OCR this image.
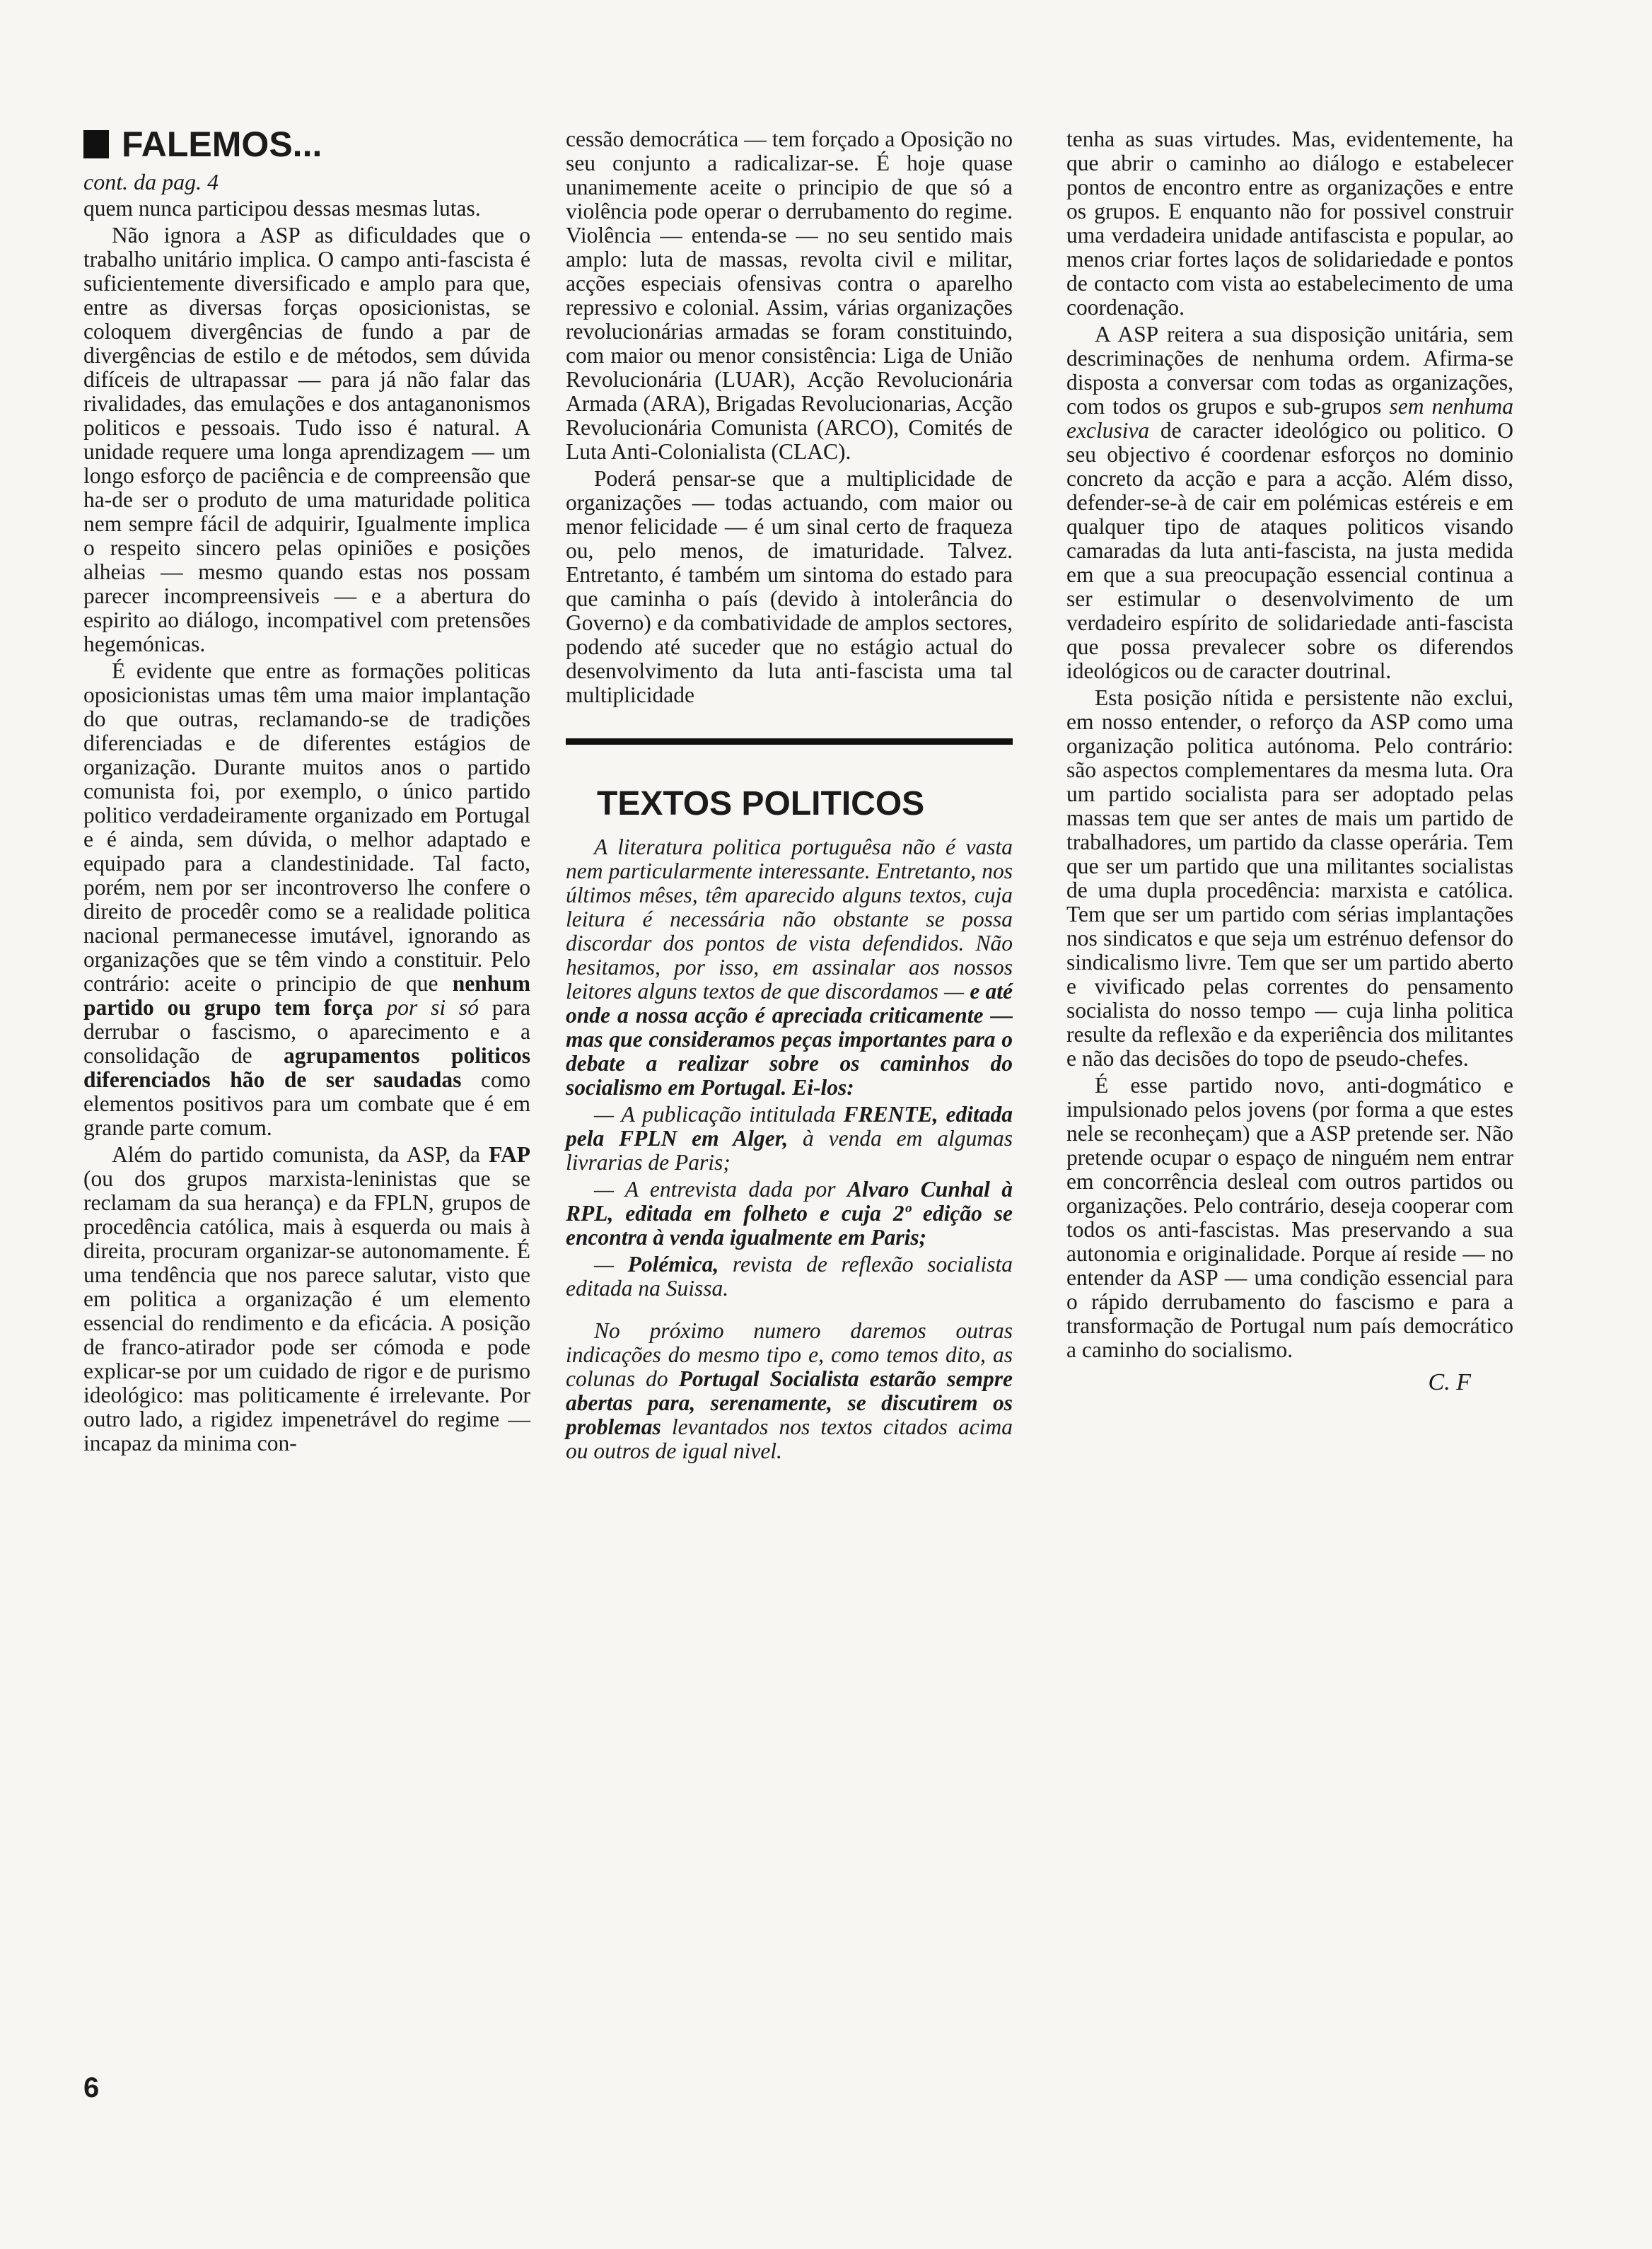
FALEMOS...

cont. da pag. 4

quem nunca participou dessas mesmas lutas.

Não ignora a ASP as dificuldades que o trabalho unitário implica. O campo anti-fascista é suficientemente diversificado e amplo para que, entre as diversas forças oposicionistas, se coloquem divergências de fundo a par de divergências de estilo e de métodos, sem dúvida difíceis de ultrapassar — para já não falar das rivalidades, das emulações e dos antaganonismos politicos e pessoais. Tudo isso é natural. A unidade requere uma longa aprendizagem — um longo esforço de paciência e de compreensão que ha-de ser o produto de uma maturidade politica nem sempre fácil de adquirir, Igualmente implica o respeito sincero pelas opiniões e posições alheias — mesmo quando estas nos possam parecer incompreensiveis — e a abertura do espirito ao diálogo, incompativel com pretensões hegemónicas.

É evidente que entre as formações politicas oposicionistas umas têm uma maior implantação do que outras, reclamando-se de tradições diferenciadas e de diferentes estágios de organização. Durante muitos anos o partido comunista foi, por exemplo, o único partido politico verdadeiramente organizado em Portugal e é ainda, sem dúvida, o melhor adaptado e equipado para a clandestinidade. Tal facto, porém, nem por ser incontroverso lhe confere o direito de procedêr como se a realidade politica nacional permanecesse imutável, ignorando as organizações que se têm vindo a constituir. Pelo contrário: aceite o principio de que nenhum partido ou grupo tem força por si só para derrubar o fascismo, o aparecimento e a consolidação de agrupamentos politicos diferenciados hão de ser saudadas como elementos positivos para um combate que é em grande parte comum.

Além do partido comunista, da ASP, da FAP (ou dos grupos marxista-leninistas que se reclamam da sua herança) e da FPLN, grupos de procedência católica, mais à esquerda ou mais à direita, procuram organizar-se autonomamente. É uma tendência que nos parece salutar, visto que em politica a organização é um elemento essencial do rendimento e da eficácia. A posição de franco-atirador pode ser cómoda e pode explicar-se por um cuidado de rigor e de purismo ideológico: mas politicamente é irrelevante. Por outro lado, a rigidez impenetrável do regime — incapaz da minima con-

cessão democrática — tem forçado a Oposição no seu conjunto a radicalizar-se. É hoje quase unanimemente aceite o principio de que só a violência pode operar o derrubamento do regime. Violência — entenda-se — no seu sentido mais amplo: luta de massas, revolta civil e militar, acções especiais ofensivas contra o aparelho repressivo e colonial. Assim, várias organizações revolucionárias armadas se foram constituindo, com maior ou menor consistência: Liga de União Revolucionária (LUAR), Acção Revolucionária Armada (ARA), Brigadas Revolucionarias, Acção Revolucionária Comunista (ARCO), Comités de Luta Anti-Colonialista (CLAC).

Poderá pensar-se que a multiplicidade de organizações — todas actuando, com maior ou menor felicidade — é um sinal certo de fraqueza ou, pelo menos, de imaturidade. Talvez. Entretanto, é também um sintoma do estado para que caminha o país (devido à intolerância do Governo) e da combatividade de amplos sectores, podendo até suceder que no estágio actual do desenvolvimento da luta anti-fascista uma tal multiplicidade

TEXTOS POLITICOS

A literatura politica portuguêsa não é vasta nem particularmente interessante. Entretanto, nos últimos mêses, têm aparecido alguns textos, cuja leitura é necessária não obstante se possa discordar dos pontos de vista defendidos. Não hesitamos, por isso, em assinalar aos nossos leitores alguns textos de que discordamos — e até onde a nossa acção é apreciada criticamente — mas que consideramos peças importantes para o debate a realizar sobre os caminhos do socialismo em Portugal. Ei-los:

— A publicação intitulada FRENTE, editada pela FPLN em Alger, à venda em algumas livrarias de Paris;

— A entrevista dada por Alvaro Cunhal à RPL, editada em folheto e cuja 2º edição se encontra à venda igualmente em Paris;

— Polémica, revista de reflexão socialista editada na Suissa.

No próximo numero daremos outras indicações do mesmo tipo e, como temos dito, as colunas do Portugal Socialista estarão sempre abertas para, serenamente, se discutirem os problemas levantados nos textos citados acima ou outros de igual nivel.

tenha as suas virtudes. Mas, evidentemente, ha que abrir o caminho ao diálogo e estabelecer pontos de encontro entre as organizações e entre os grupos. E enquanto não for possivel construir uma verdadeira unidade antifascista e popular, ao menos criar fortes laços de solidariedade e pontos de contacto com vista ao estabelecimento de uma coordenação.

A ASP reitera a sua disposição unitária, sem descriminações de nenhuma ordem. Afirma-se disposta a conversar com todas as organizações, com todos os grupos e sub-grupos sem nenhuma exclusiva de caracter ideológico ou politico. O seu objectivo é coordenar esforços no dominio concreto da acção e para a acção. Além disso, defender-se-à de cair em polémicas estéreis e em qualquer tipo de ataques politicos visando camaradas da luta anti-fascista, na justa medida em que a sua preocupação essencial continua a ser estimular o desenvolvimento de um verdadeiro espírito de solidariedade anti-fascista que possa prevalecer sobre os diferendos ideológicos ou de caracter doutrinal.

Esta posição nítida e persistente não exclui, em nosso entender, o reforço da ASP como uma organização politica autónoma. Pelo contrário: são aspectos complementares da mesma luta. Ora um partido socialista para ser adoptado pelas massas tem que ser antes de mais um partido de trabalhadores, um partido da classe operária. Tem que ser um partido que una militantes socialistas de uma dupla procedência: marxista e católica. Tem que ser um partido com sérias implantações nos sindicatos e que seja um estrénuo defensor do sindicalismo livre. Tem que ser um partido aberto e vivificado pelas correntes do pensamento socialista do nosso tempo — cuja linha politica resulte da reflexão e da experiência dos militantes e não das decisões do topo de pseudo-chefes.

É esse partido novo, anti-dogmático e impulsionado pelos jovens (por forma a que estes nele se reconheçam) que a ASP pretende ser. Não pretende ocupar o espaço de ninguém nem entrar em concorrência desleal com outros partidos ou organizações. Pelo contrário, deseja cooperar com todos os anti-fascistas. Mas preservando a sua autonomia e originalidade. Porque aí reside — no entender da ASP — uma condição essencial para o rápido derrubamento do fascismo e para a transformação de Portugal num país democrático a caminho do socialismo.

C. F
6
